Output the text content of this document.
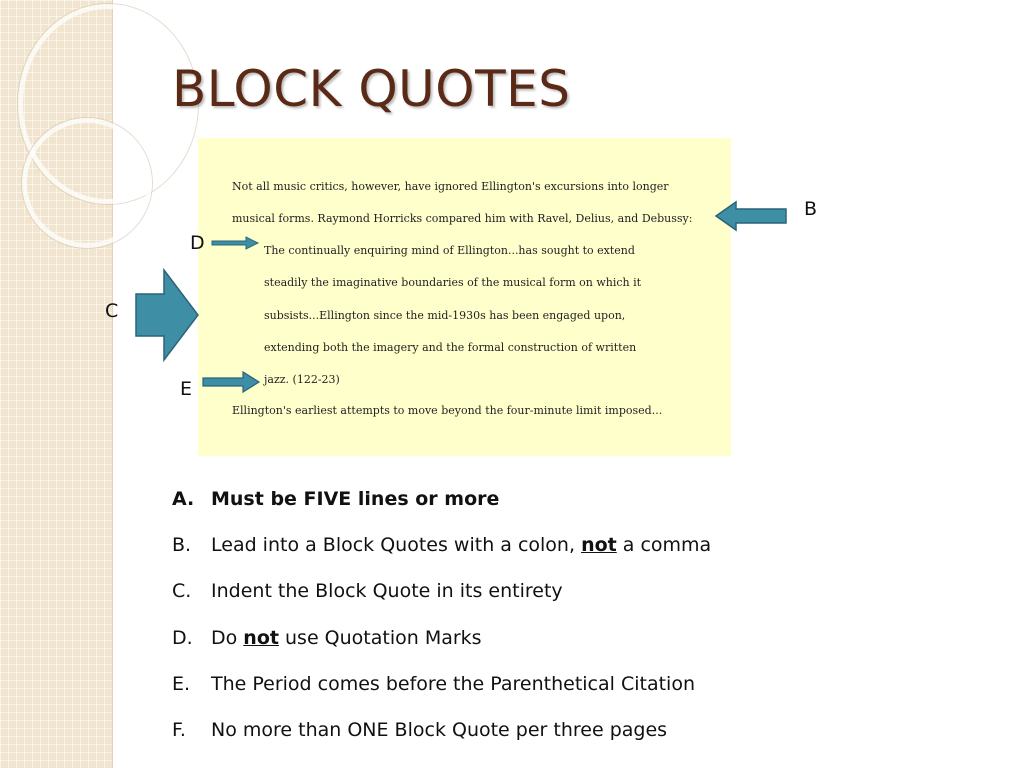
BLOCK QUOTES
Not all music critics, however, have ignored Ellington's excursions into longer
musical forms. Raymond Horricks compared him with Ravel, Delius, and Debussy:
The continually enquiring mind of Ellington...has sought to extend
steadily the imaginative boundaries of the musical form on which it
subsists...Ellington since the mid-1930s has been engaged upon,
extending both the imagery and the formal construction of written
jazz. (122-23)
Ellington's earliest attempts to move beyond the four-minute limit imposed...
B
D
C
E
A. Must be FIVE lines or more
B. Lead into a Block Quotes with a colon, not a comma
C. Indent the Block Quote in its entirety
D. Do not use Quotation Marks
E. The Period comes before the Parenthetical Citation
F. No more than ONE Block Quote per three pages
